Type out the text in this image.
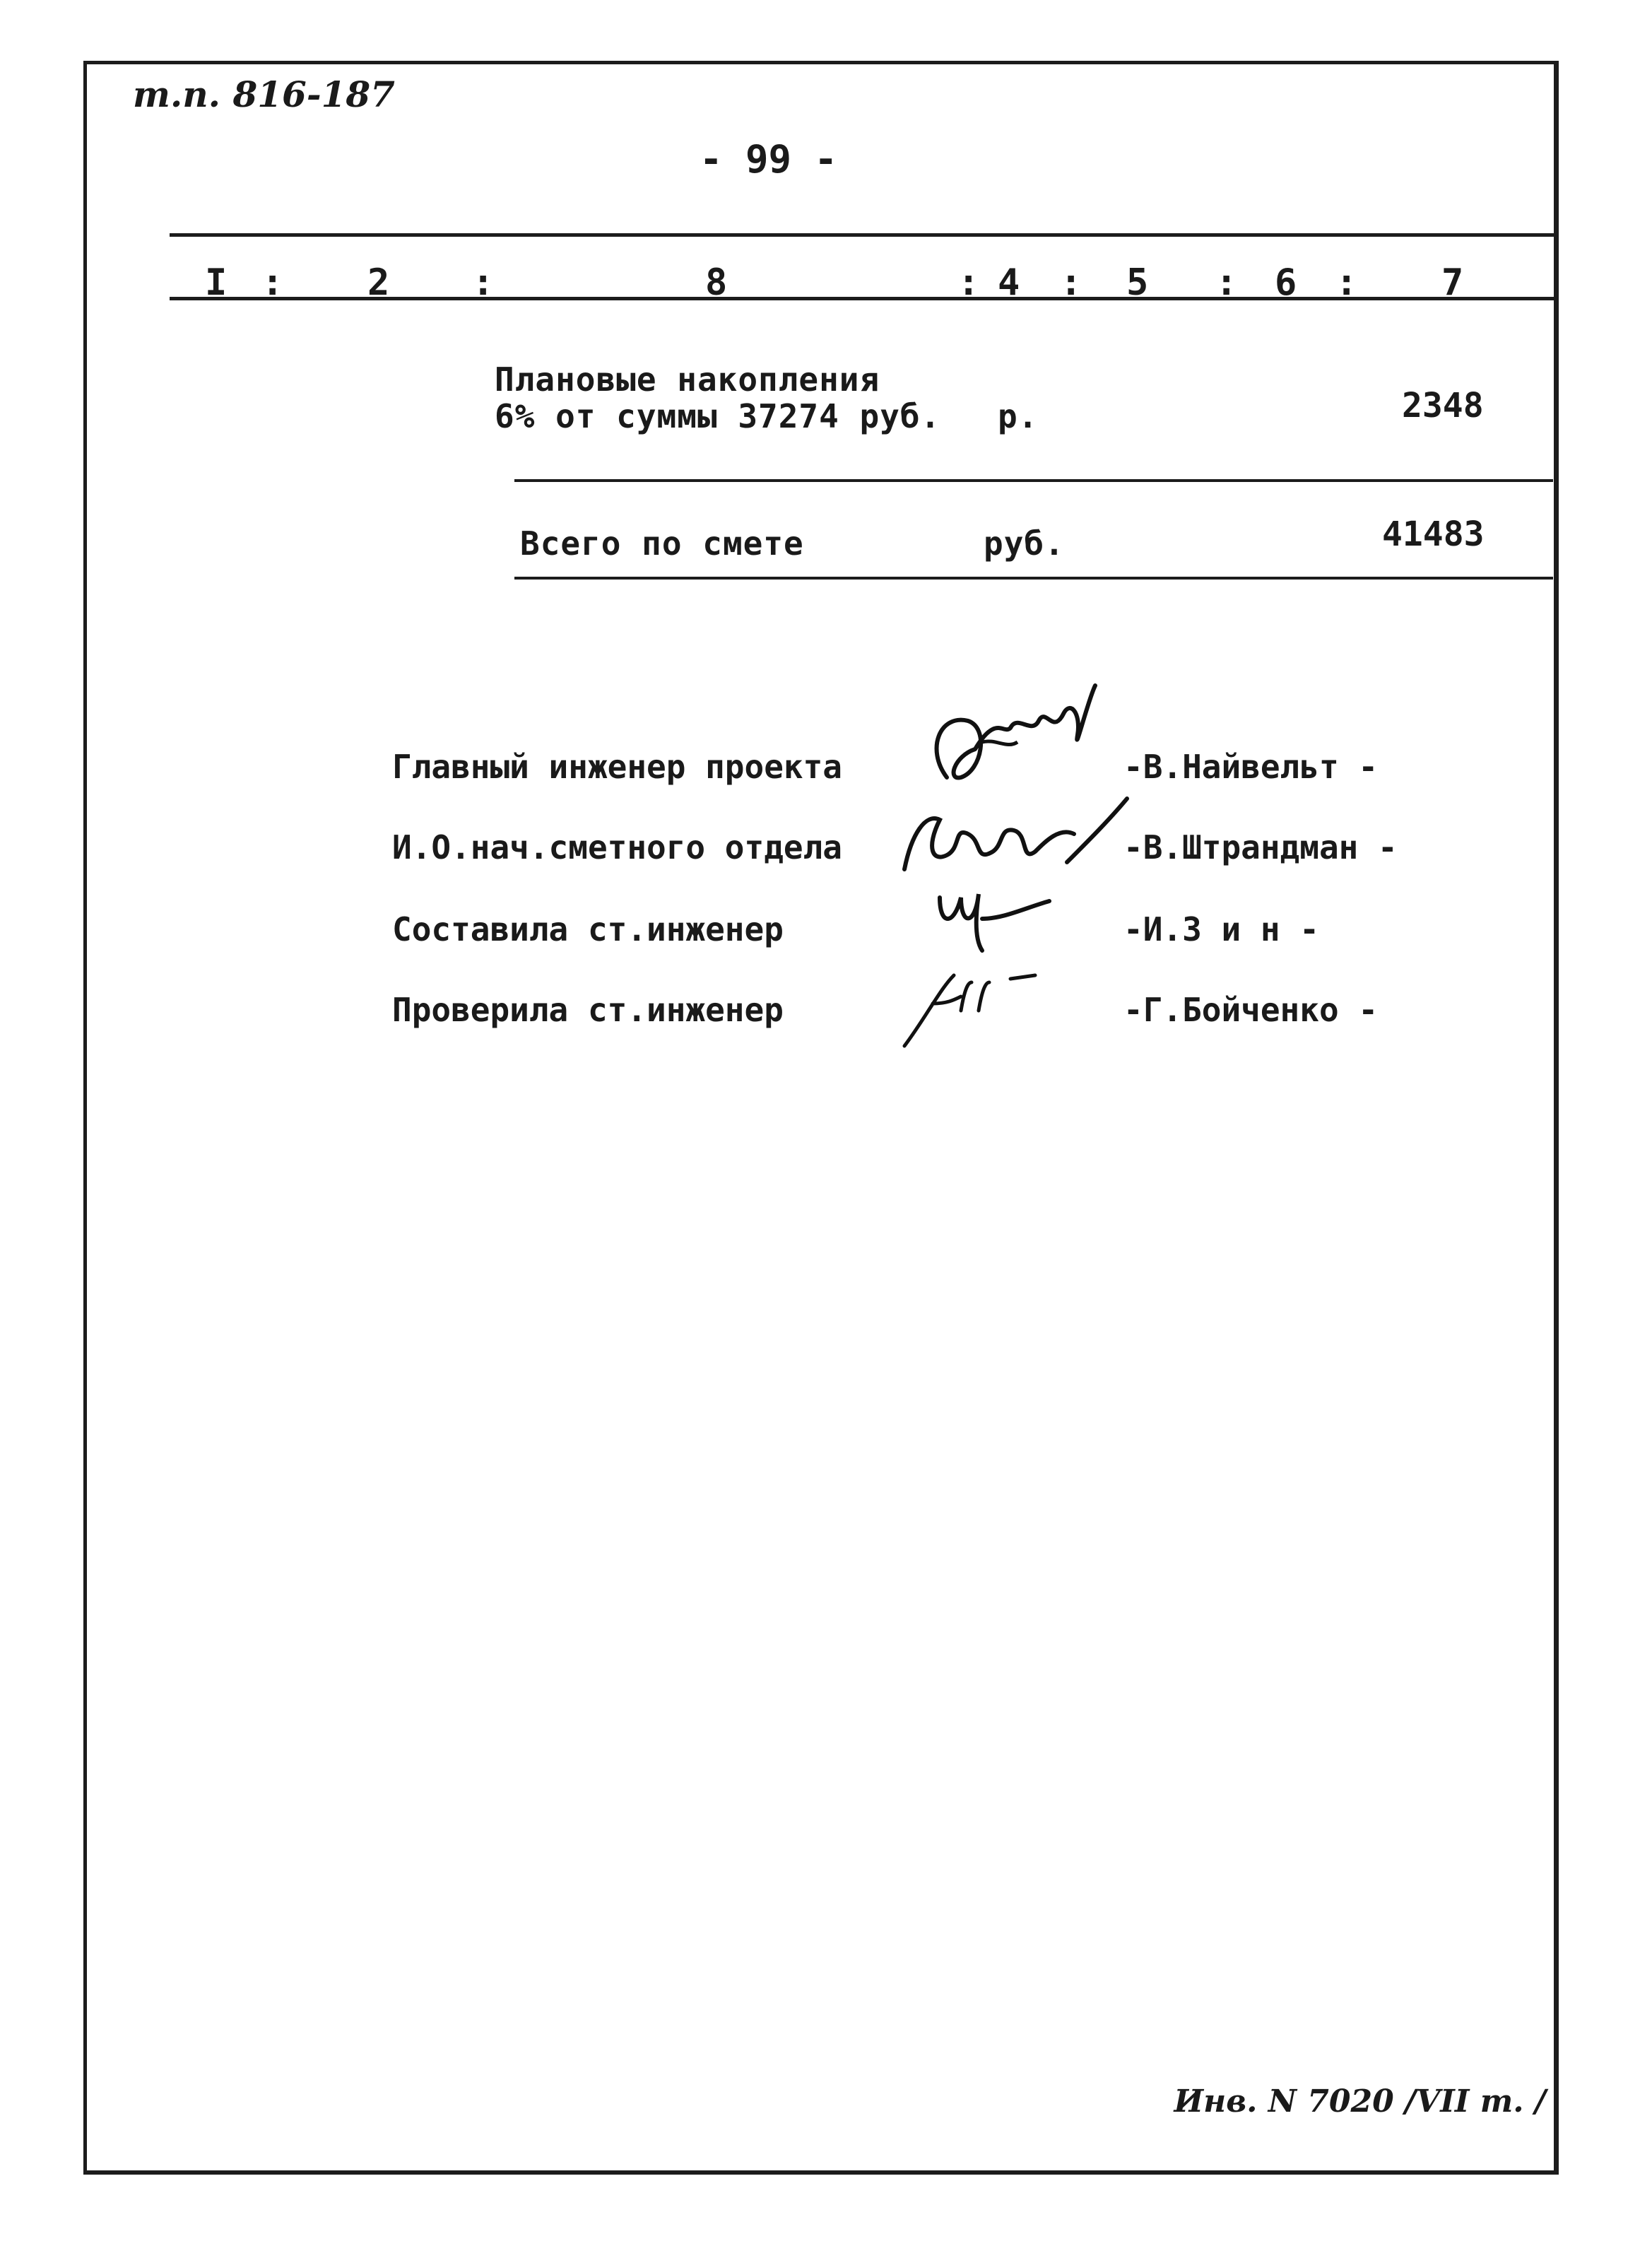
т.п. 816-187
- 99 -
I : 2 :	8	: 4 : 5 : 6 : 7
Плановые накопления
6% от суммы 37274 руб. р.	2348
Всего по смете	руб.	41483
Главный инженер проекта	-В.Найвельт -
И.О.нач.сметного отдела	-В.Штрандман -
Составила ст.инженер	-И.З и н -
Проверила ст.инженер	-Г.Бойченко -
Инв. N 7020 /VII т. /
